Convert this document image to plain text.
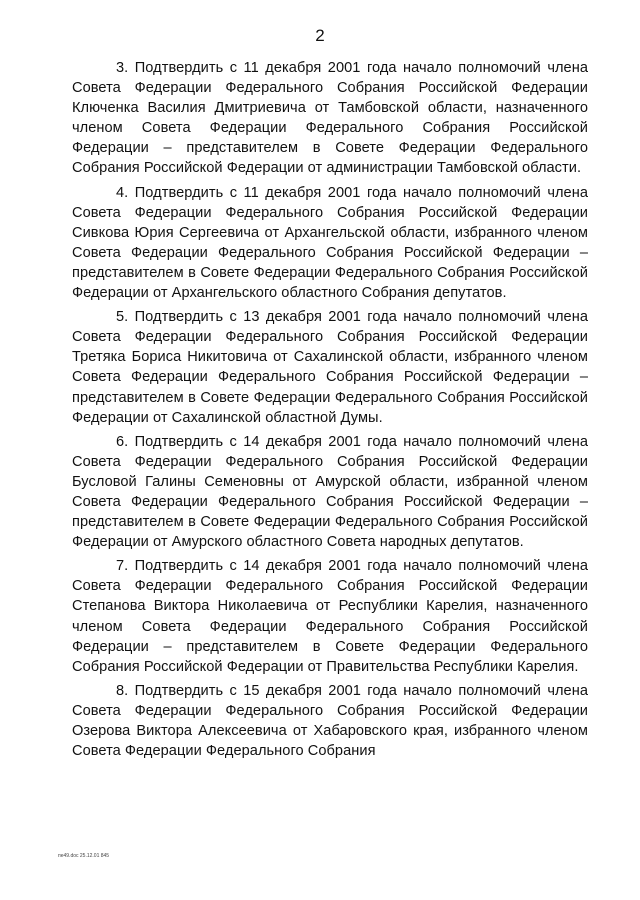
2

3. Подтвердить с 11 декабря 2001 года начало полномочий члена Совета Федерации Федерального Собрания Российской Федерации Ключенка Василия Дмитриевича от Тамбовской области, назначенного членом Совета Федерации Федерального Собрания Российской Федерации – представителем в Совете Федерации Федерального Собрания Российской Федерации от администрации Тамбовской области.

4. Подтвердить с 11 декабря 2001 года начало полномочий члена Совета Федерации Федерального Собрания Российской Федерации Сивкова Юрия Сергеевича от Архангельской области, избранного членом Совета Федерации Федерального Собрания Российской Федерации – представителем в Совете Федерации Федерального Собрания Российской Федерации от Архангельского областного Собрания депутатов.

5. Подтвердить с 13 декабря 2001 года начало полномочий члена Совета Федерации Федерального Собрания Российской Федерации Третяка Бориса Никитовича от Сахалинской области, избранного членом Совета Федерации Федерального Собрания Российской Федерации – представителем в Совете Федерации Федерального Собрания Российской Федерации от Сахалинской областной Думы.

6. Подтвердить с 14 декабря 2001 года начало полномочий члена Совета Федерации Федерального Собрания Российской Федерации Бусловой Галины Семеновны от Амурской области, избранной членом Совета Федерации Федерального Собрания Российской Федерации – представителем в Совете Федерации Федерального Собрания Российской Федерации от Амурского областного Совета народных депутатов.

7. Подтвердить с 14 декабря 2001 года начало полномочий члена Совета Федерации Федерального Собрания Российской Федерации Степанова Виктора Николаевича от Республики Карелия, назначенного членом Совета Федерации Федерального Собрания Российской Федерации – представителем в Совете Федерации Федерального Собрания Российской Федерации от Правительства Республики Карелия.

8. Подтвердить с 15 декабря 2001 года начало полномочий члена Совета Федерации Федерального Собрания Российской Федерации Озерова Виктора Алексеевича от Хабаровского края, избранного членом Совета Федерации Федерального Собрания

пе49.doc 25.12.01 845
